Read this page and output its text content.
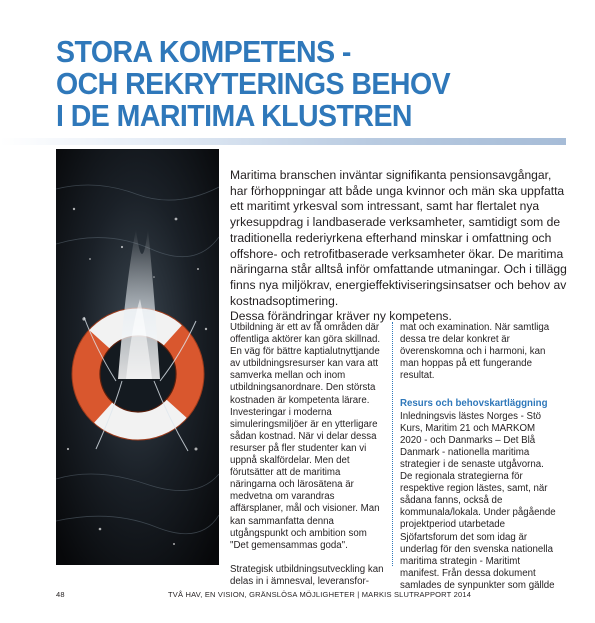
STORA KOMPETENS -
OCH REKRYTERINGS BEHOV
I DE MARITIMA KLUSTREN

Maritima branschen inväntar signifikanta pensionsavgångar, har förhoppningar att både unga kvinnor och män ska uppfatta ett maritimt yrkesval som intressant, samt har flertalet nya yrkesuppdrag i landbaserade verksamheter, samtidigt som de traditionella rederiyrkena efterhand minskar i omfattning och offshore- och retrofitbaserade verksamheter ökar. De maritima näringarna står alltså inför omfattande utmaningar. Och i tillägg finns nya miljökrav, energieffektiviseringsinsatser och behov av kostnadsoptimering.

Dessa förändringar kräver ny kompetens.

Utbildning är ett av få områden där offentliga aktörer kan göra skillnad. En väg för bättre kaptialutnyttjande av utbildningsresurser kan vara att samverka mellan och inom utbildningsanordnare. Den största kostnaden är kompetenta lärare. Investeringar i moderna simuleringsmiljöer är en ytterligare sådan kostnad. När vi delar dessa resurser på fler studenter kan vi uppnå skalfördelar. Men det förutsätter att de maritima näringarna och lärosätena är medvetna om varandras affärsplaner, mål och visioner. Man kan sammanfatta denna utgångspunkt och ambition som "Det gemensammas goda".

Strategisk utbildningsutveckling kan delas in i ämnesval, leveransfor-

mat och examination. När samtliga dessa tre delar konkret är överenskomna och i harmoni, kan man hoppas på ett fungerande resultat.

Resurs och behovskartläggning

Inledningsvis lästes Norges - Stö Kurs, Maritim 21 och MARKOM 2020 - och Danmarks – Det Blå Danmark - nationella maritima strategier i de senaste utgåvorna. De regionala strategierna för respektive region lästes, samt, när sådana fanns, också de kommunala/lokala. Under pågående projektperiod utarbetade Sjöfartsforum det som idag är underlag för den svenska nationella maritima strategin - Maritimt manifest. Från dessa dokument samlades de synpunkter som gällde

48	TVÅ HAV, EN VISION, GRÄNSLÖSA MÖJLIGHETER | MARKIS SLUTRAPPORT 2014
